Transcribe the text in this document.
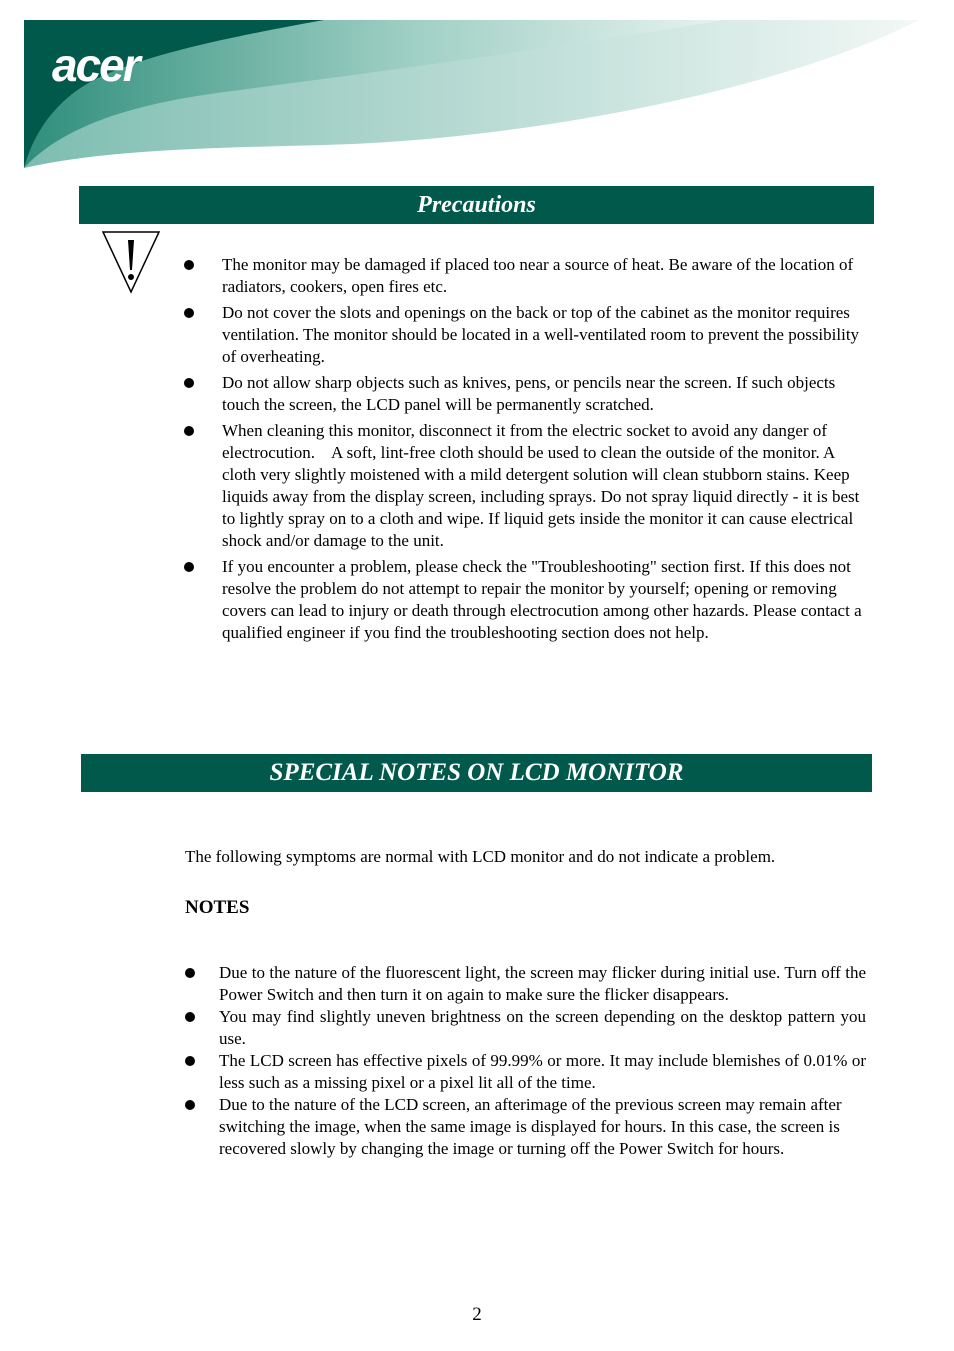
acer
Precautions
The monitor may be damaged if placed too near a source of heat. Be aware of the location of radiators, cookers, open fires etc.
Do not cover the slots and openings on the back or top of the cabinet as the monitor requires ventilation. The monitor should be located in a well-ventilated room to prevent the possibility of overheating.
Do not allow sharp objects such as knives, pens, or pencils near the screen. If such objects touch the screen, the LCD panel will be permanently scratched.
When cleaning this monitor, disconnect it from the electric socket to avoid any danger of electrocution.    A soft, lint-free cloth should be used to clean the outside of the monitor. A cloth very slightly moistened with a mild detergent solution will clean stubborn stains. Keep liquids away from the display screen, including sprays. Do not spray liquid directly - it is best to lightly spray on to a cloth and wipe. If liquid gets inside the monitor it can cause electrical shock and/or damage to the unit.
If you encounter a problem, please check the "Troubleshooting" section first. If this does not resolve the problem do not attempt to repair the monitor by yourself; opening or removing covers can lead to injury or death through electrocution among other hazards. Please contact a qualified engineer if you find the troubleshooting section does not help.
SPECIAL NOTES ON LCD MONITOR
The following symptoms are normal with LCD monitor and do not indicate a problem.
NOTES
Due to the nature of the fluorescent light, the screen may flicker during initial use. Turn off the Power Switch and then turn it on again to make sure the flicker disappears.
You may find slightly uneven brightness on the screen depending on the desktop pattern you use.
The LCD screen has effective pixels of 99.99% or more. It may include blemishes of 0.01% or less such as a missing pixel or a pixel lit all of the time.
Due to the nature of the LCD screen, an afterimage of the previous screen may remain after switching the image, when the same image is displayed for hours. In this case, the screen is recovered slowly by changing the image or turning off the Power Switch for hours.
2
